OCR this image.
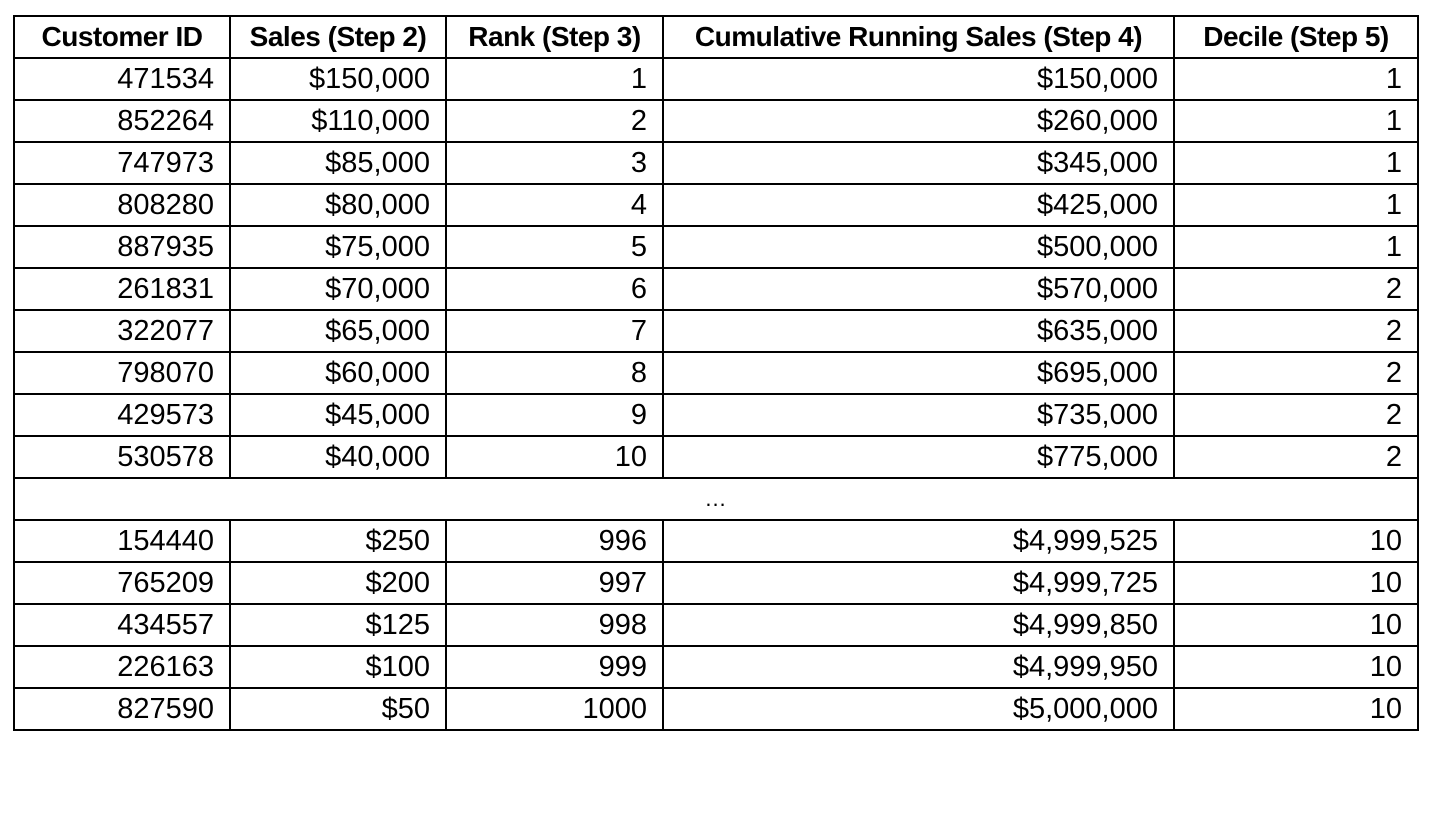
Customer ID	Sales (Step 2)	Rank (Step 3)	Cumulative Running Sales (Step 4)	Decile (Step 5)
471534	$150,000	1	$150,000	1
852264	$110,000	2	$260,000	1
747973	$85,000	3	$345,000	1
808280	$80,000	4	$425,000	1
887935	$75,000	5	$500,000	1
261831	$70,000	6	$570,000	2
322077	$65,000	7	$635,000	2
798070	$60,000	8	$695,000	2
429573	$45,000	9	$735,000	2
530578	$40,000	10	$775,000	2
...				
154440	$250	996	$4,999,525	10
765209	$200	997	$4,999,725	10
434557	$125	998	$4,999,850	10
226163	$100	999	$4,999,950	10
827590	$50	1000	$5,000,000	10
